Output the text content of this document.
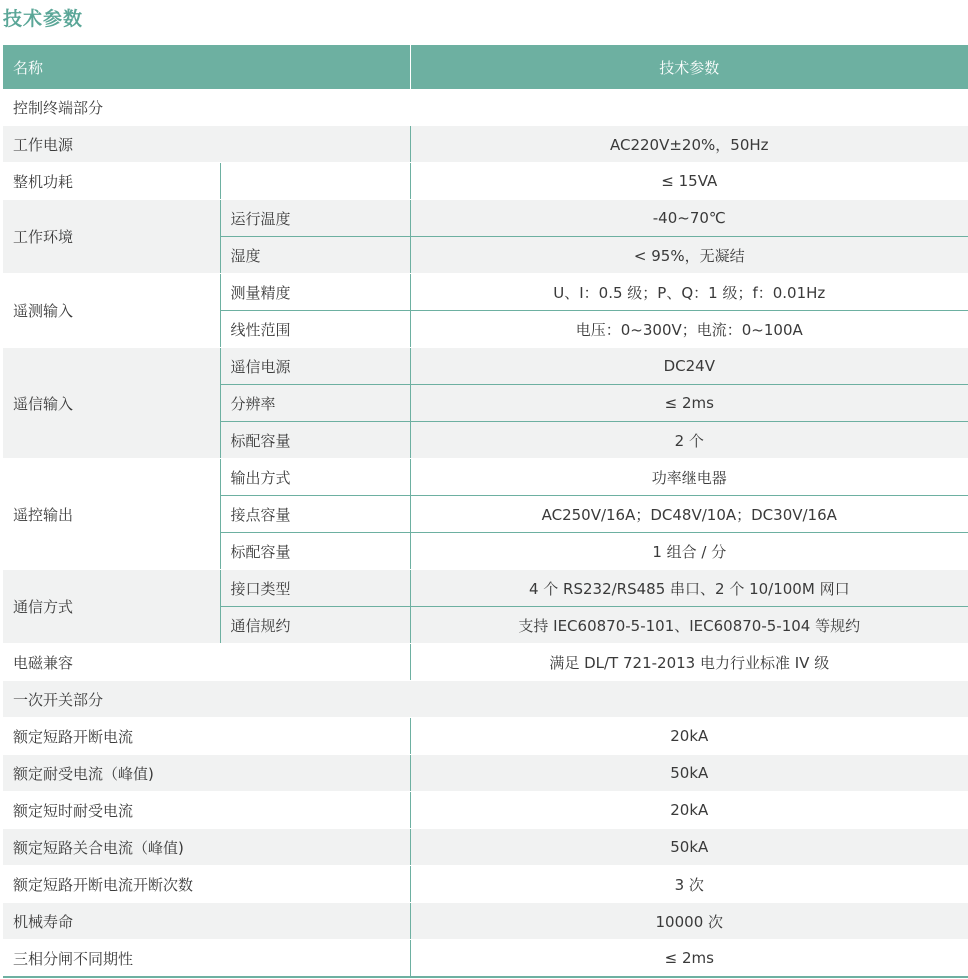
技术参数
名称		技术参数
控制终端部分		
工作电源		AC220V±20%，50Hz
整机功耗		≤ 15VA
工作环境	运行温度	-40~70℃
	湿度	< 95%，无凝结
遥测输入	测量精度	U、I：0.5 级；P、Q：1 级；f：0.01Hz
	线性范围	电压：0~300V；电流：0~100A
遥信输入	遥信电源	DC24V
	分辨率	≤ 2ms
	标配容量	2 个
遥控输出	输出方式	功率继电器
	接点容量	AC250V/16A；DC48V/10A；DC30V/16A
	标配容量	1 组合 / 分
通信方式	接口类型	4 个 RS232/RS485 串口、2 个 10/100M 网口
	通信规约	支持 IEC60870-5-101、IEC60870-5-104 等规约
电磁兼容		满足 DL/T 721-2013 电力行业标准 IV 级
一次开关部分		
额定短路开断电流		20kA
额定耐受电流（峰值)		50kA
额定短时耐受电流		20kA
额定短路关合电流（峰值)		50kA
额定短路开断电流开断次数		3 次
机械寿命		10000 次
三相分闸不同期性		≤ 2ms
